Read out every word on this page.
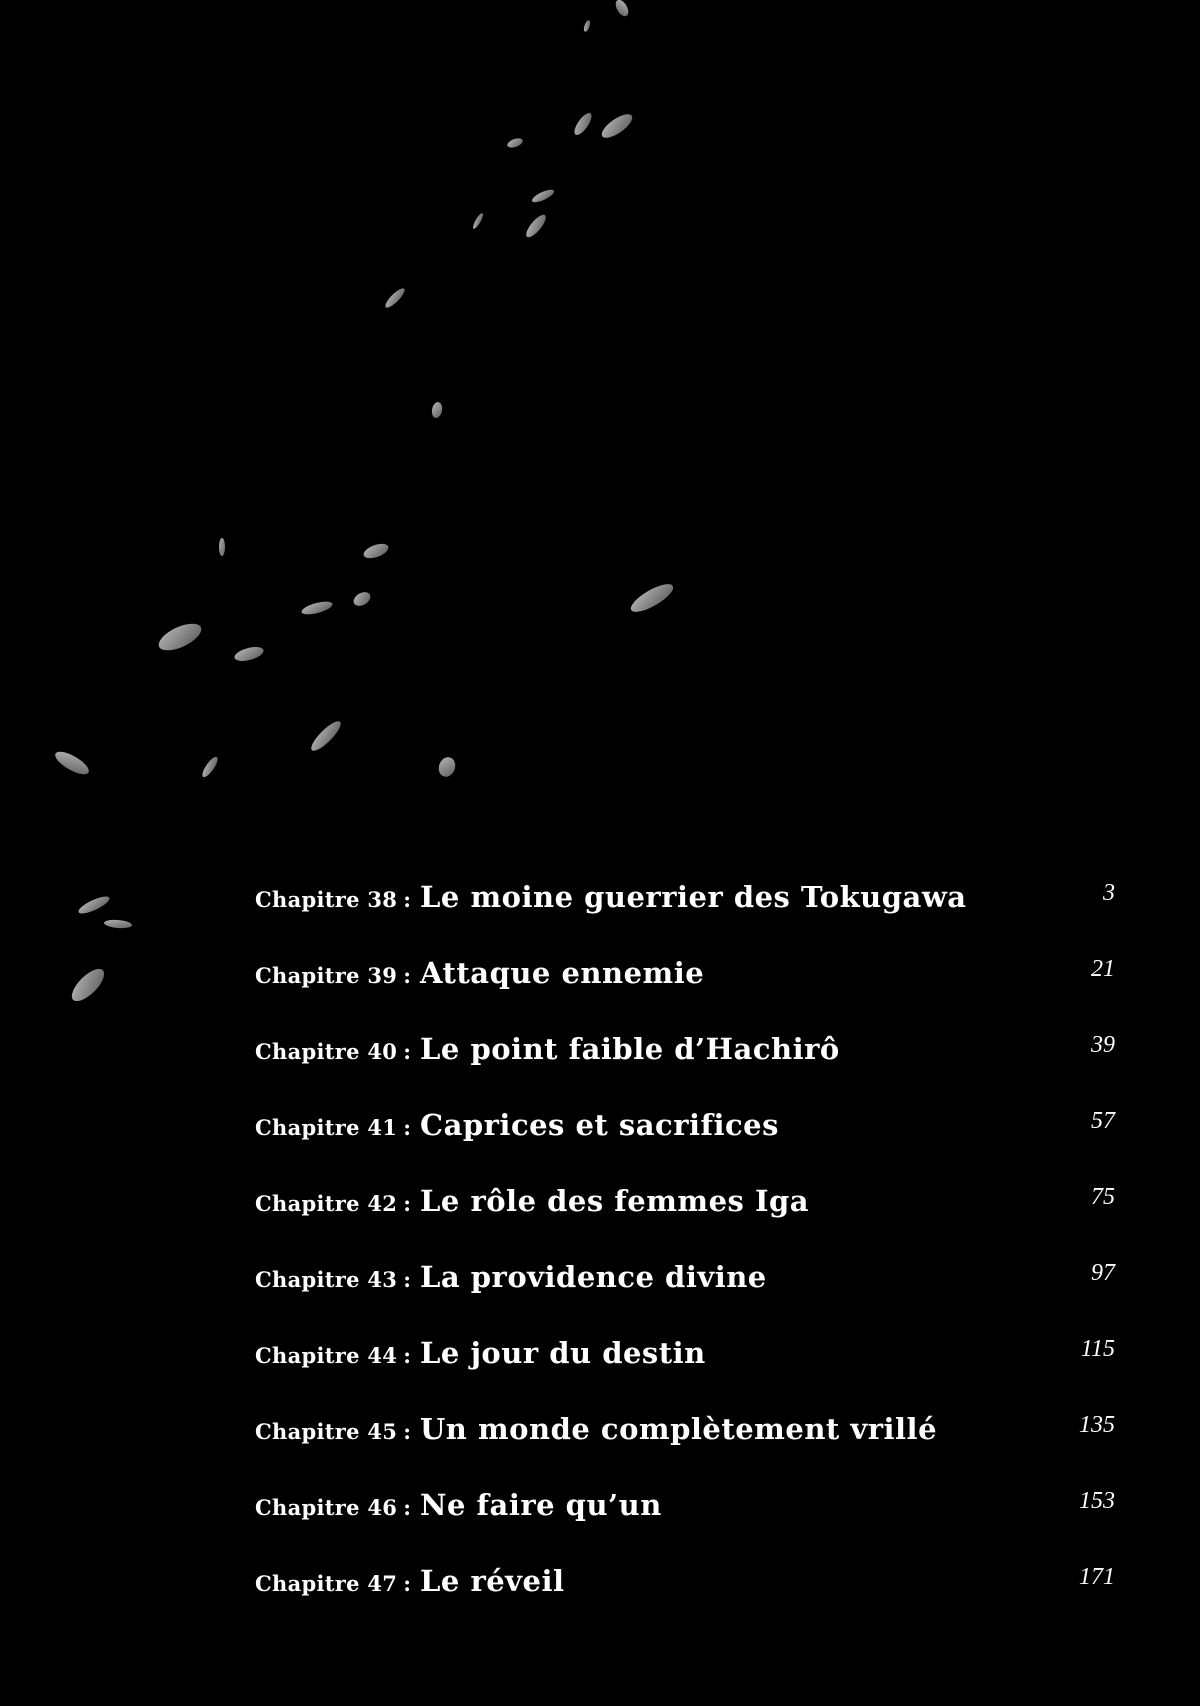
Chapitre 38 : Le moine guerrier des Tokugawa	3
Chapitre 39 : Attaque ennemie	21
Chapitre 40 : Le point faible d’Hachirô	39
Chapitre 41 : Caprices et sacrifices	57
Chapitre 42 : Le rôle des femmes Iga	75
Chapitre 43 : La providence divine	97
Chapitre 44 : Le jour du destin	115
Chapitre 45 : Un monde complètement vrillé	135
Chapitre 46 : Ne faire qu’un	153
Chapitre 47 : Le réveil	171
